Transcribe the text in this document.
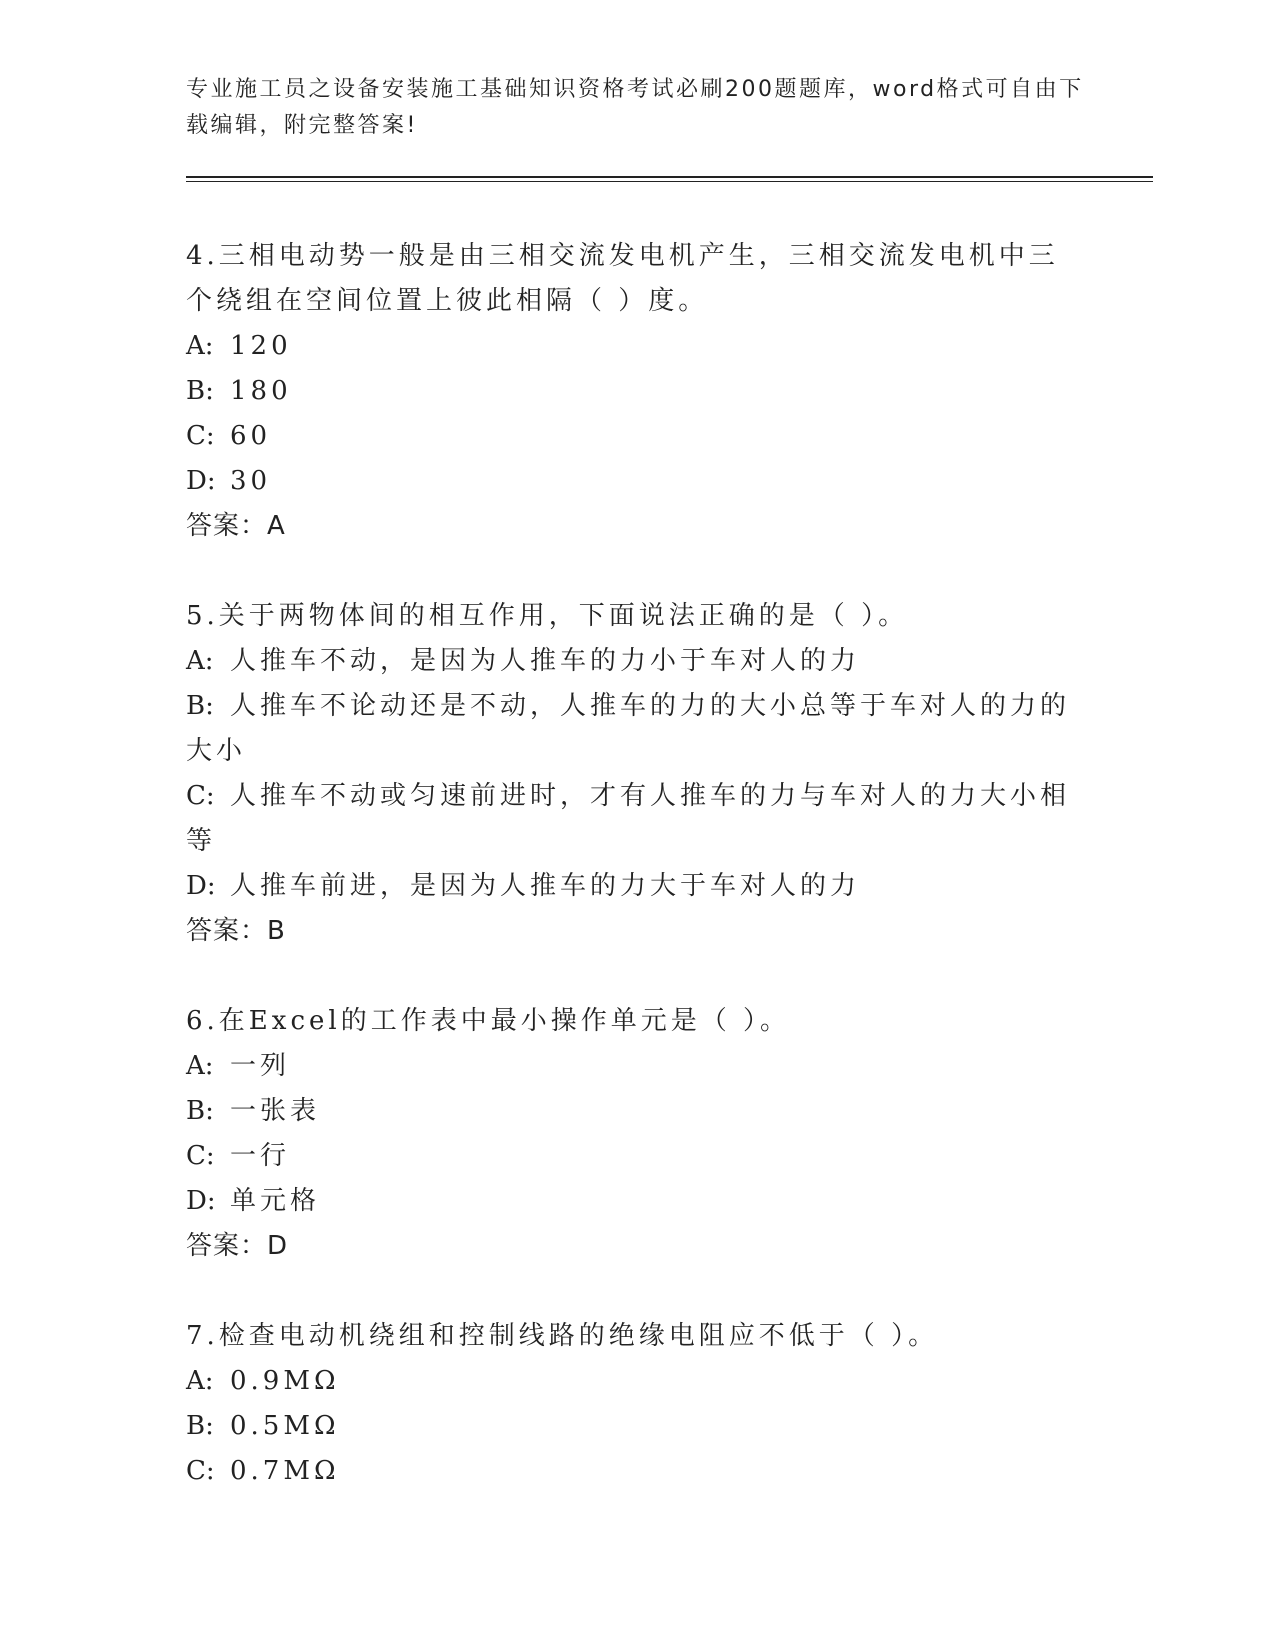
专业施工员之设备安装施工基础知识资格考试必刷200题题库，word格式可自由下载编辑，附完整答案!
4.三相电动势一般是由三相交流发电机产生，三相交流发电机中三个绕组在空间位置上彼此相隔（ ）度。
A: 120
B: 180
C: 60
D: 30
答案：A
5.关于两物体间的相互作用，下面说法正确的是（ ）。
A: 人推车不动，是因为人推车的力小于车对人的力
B: 人推车不论动还是不动，人推车的力的大小总等于车对人的力的大小
C: 人推车不动或匀速前进时，才有人推车的力与车对人的力大小相等
D: 人推车前进，是因为人推车的力大于车对人的力
答案：B
6.在Excel的工作表中最小操作单元是（ ）。
A: 一列
B: 一张表
C: 一行
D: 单元格
答案：D
7.检查电动机绕组和控制线路的绝缘电阻应不低于（ ）。
A: 0.9MΩ
B: 0.5MΩ
C: 0.7MΩ
